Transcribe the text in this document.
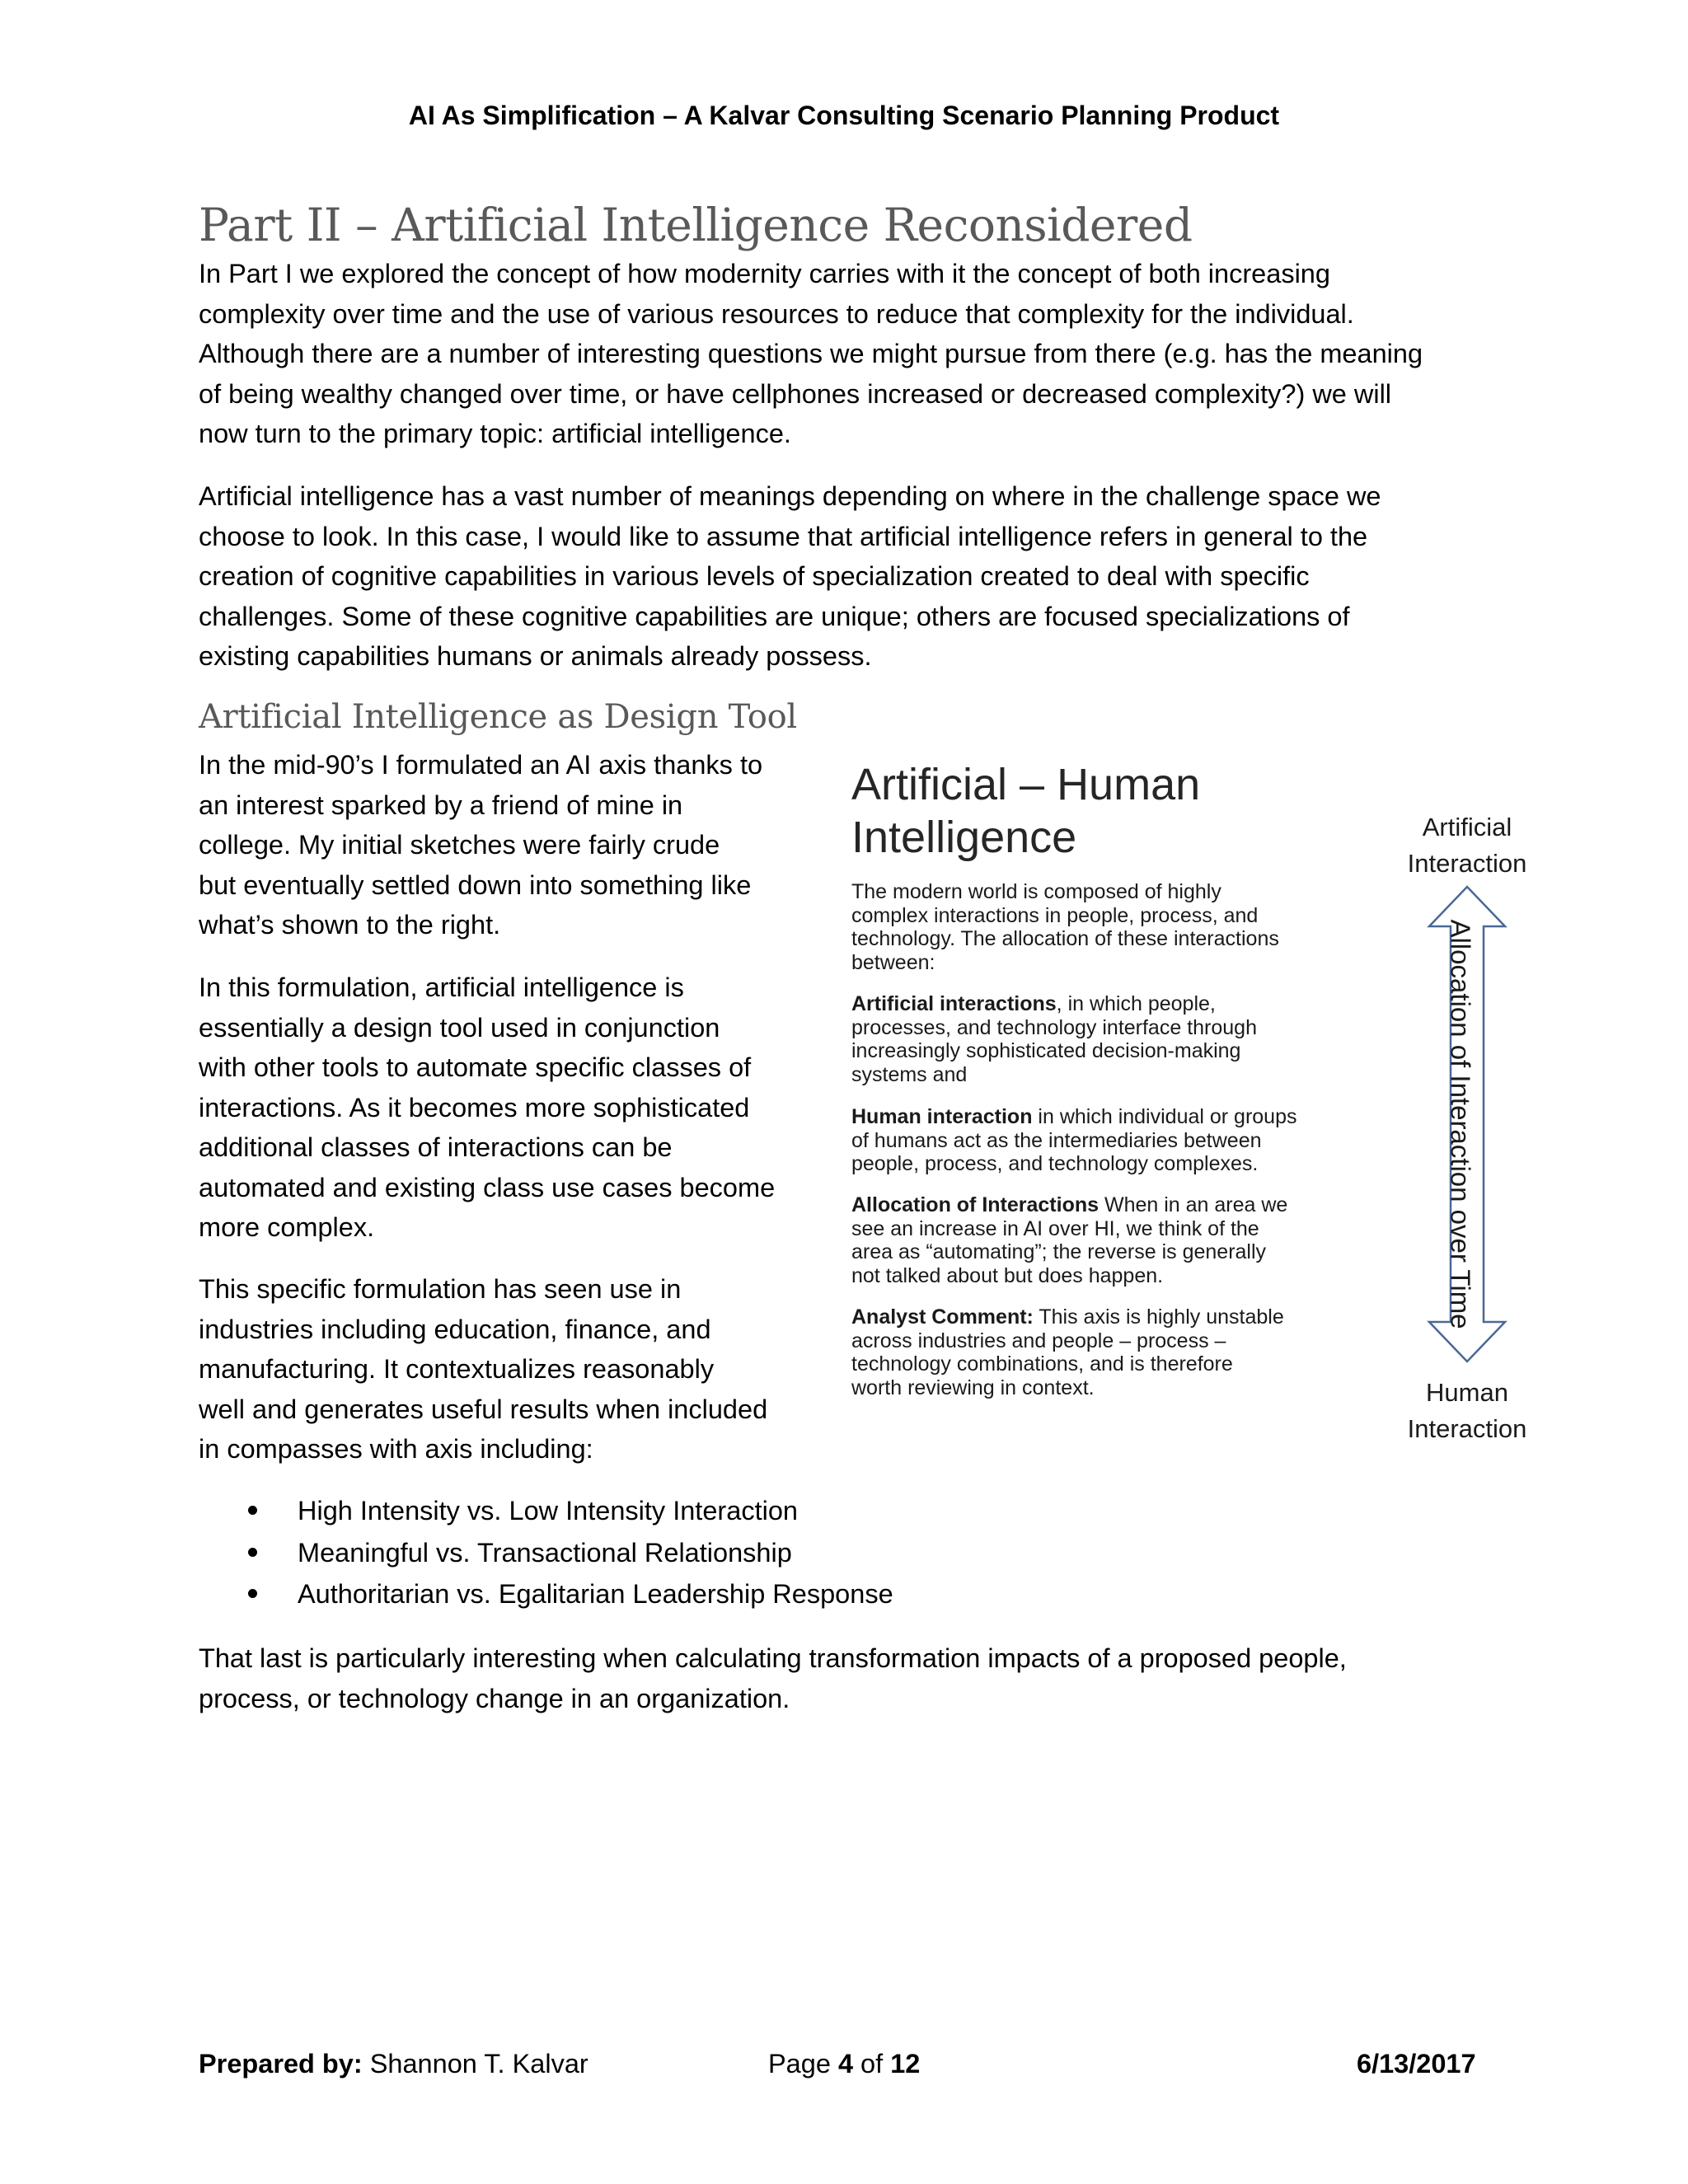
AI As Simplification – A Kalvar Consulting Scenario Planning Product
Part II – Artificial Intelligence Reconsidered
In Part I we explored the concept of how modernity carries with it the concept of both increasing
complexity over time and the use of various resources to reduce that complexity for the individual.
Although there are a number of interesting questions we might pursue from there (e.g. has the meaning
of being wealthy changed over time, or have cellphones increased or decreased complexity?) we will
now turn to the primary topic: artificial intelligence.
Artificial intelligence has a vast number of meanings depending on where in the challenge space we
choose to look. In this case, I would like to assume that artificial intelligence refers in general to the
creation of cognitive capabilities in various levels of specialization created to deal with specific
challenges. Some of these cognitive capabilities are unique; others are focused specializations of
existing capabilities humans or animals already possess.
Artificial Intelligence as Design Tool
In the mid-90’s I formulated an AI axis thanks to
an interest sparked by a friend of mine in
college. My initial sketches were fairly crude
but eventually settled down into something like
what’s shown to the right.
In this formulation, artificial intelligence is
essentially a design tool used in conjunction
with other tools to automate specific classes of
interactions. As it becomes more sophisticated
additional classes of interactions can be
automated and existing class use cases become
more complex.
This specific formulation has seen use in
industries including education, finance, and
manufacturing. It contextualizes reasonably
well and generates useful results when included
in compasses with axis including:
Artificial – Human
Intelligence
The modern world is composed of highly
complex interactions in people, process, and
technology. The allocation of these interactions
between:
Artificial interactions, in which people,
processes, and technology interface through
increasingly sophisticated decision-making
systems and
Human interaction in which individual or groups
of humans act as the intermediaries between
people, process, and technology complexes.
Allocation of Interactions When in an area we
see an increase in AI over HI, we think of the
area as “automating”; the reverse is generally
not talked about but does happen.
Analyst Comment: This axis is highly unstable
across industries and people – process –
technology combinations, and is therefore
worth reviewing in context.
Artificial
Interaction
Allocation of Interaction over Time
Human
Interaction
High Intensity vs. Low Intensity Interaction
Meaningful vs. Transactional Relationship
Authoritarian vs. Egalitarian Leadership Response
That last is particularly interesting when calculating transformation impacts of a proposed people,
process, or technology change in an organization.
Prepared by: Shannon T. Kalvar	Page 4 of 12	6/13/2017
